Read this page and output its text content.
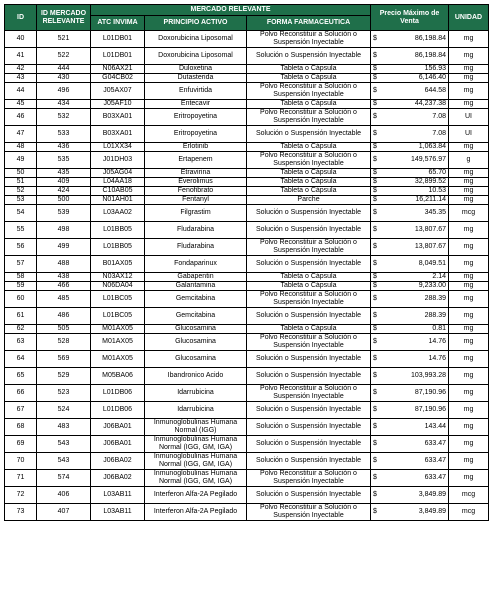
ID	ID MERCADO RELEVANTE	MERCADO RELEVANTE			Precio Máximo de Venta	UNIDAD
		ATC INVIMA	PRINCIPIO ACTIVO	FORMA FARMACEUTICA		
40	521	L01DB01	Doxorubicina Liposomal	Polvo Reconstituir a Solución o Suspensión Inyectable	$ 86,198.84	mg
41	522	L01DB01	Doxorubicina Liposomal	Solución o Suspensión Inyectable	$ 86,198.84	mg
42	444	N06AX21	Duloxetina	Tableta o Cápsula	$ 156.93	mg
43	430	G04CB02	Dutasterida	Tableta o Cápsula	$ 6,146.40	mg
44	496	J05AX07	Enfuvirtida	Polvo Reconstituir a Solución o Suspensión Inyectable	$ 644.58	mg
45	434	J05AF10	Entecavir	Tableta o Cápsula	$ 44,237.38	mg
46	532	B03XA01	Eritropoyetina	Polvo Reconstituir a Solución o Suspensión Inyectable	$ 7.08	UI
47	533	B03XA01	Eritropoyetina	Solución o Suspensión Inyectable	$ 7.08	UI
48	436	L01XX34	Erlotinib	Tableta o Cápsula	$ 1,063.84	mg
49	535	J01DH03	Ertapenem	Polvo Reconstituir a Solución o Suspensión Inyectable	$ 149,576.97	g
50	435	J05AG04	Etravirina	Tableta o Cápsula	$ 65.70	mg
51	409	L04AA18	Everolimus	Tableta o Cápsula	$ 32,899.52	mg
52	424	C10AB05	Fenofibrato	Tableta o Cápsula	$ 10.53	mg
53	500	N01AH01	Fentanyl	Parche	$ 16,211.14	mg
54	539	L03AA02	Filgrastim	Solución o Suspensión Inyectable	$ 345.35	mcg
55	498	L01BB05	Fludarabina	Solución o Suspensión Inyectable	$ 13,807.67	mg
56	499	L01BB05	Fludarabina	Polvo Reconstituir a Solución o Suspensión Inyectable	$ 13,807.67	mg
57	488	B01AX05	Fondaparinux	Solución o Suspensión Inyectable	$ 8,049.51	mg
58	438	N03AX12	Gabapentin	Tableta o Cápsula	$ 2.14	mg
59	466	N06DA04	Galantamina	Tableta o Cápsula	$ 9,233.00	mg
60	485	L01BC05	Gemcitabina	Polvo Reconstituir a Solución o Suspensión Inyectable	$ 288.39	mg
61	486	L01BC05	Gemcitabina	Solución o Suspensión Inyectable	$ 288.39	mg
62	505	M01AX05	Glucosamina	Tableta o Cápsula	$ 0.81	mg
63	528	M01AX05	Glucosamina	Polvo Reconstituir a Solución o Suspensión Inyectable	$ 14.76	mg
64	569	M01AX05	Glucosamina	Solución o Suspensión Inyectable	$ 14.76	mg
65	529	M05BA06	Ibandronico Acido	Solución o Suspensión Inyectable	$ 103,993.28	mg
66	523	L01DB06	Idarrubicina	Polvo Reconstituir a Solución o Suspensión Inyectable	$ 87,190.96	mg
67	524	L01DB06	Idarrubicina	Solución o Suspensión Inyectable	$ 87,190.96	mg
68	483	J06BA01	Inmunoglobulinas Humana Normal (IGG)	Solución o Suspensión Inyectable	$ 143.44	mg
69	543	J06BA01	Inmunoglobulinas Humana Normal (IGG, GM, IGA)	Solución o Suspensión Inyectable	$ 633.47	mg
70	543	J06BA02	Inmunoglobulinas Humana Normal (IGG, GM, IGA)	Solución o Suspensión Inyectable	$ 633.47	mg
71	574	J06BA02	Inmunoglobulinas Humana Normal (IGG, GM, IGA)	Polvo Reconstituir a Solución o Suspensión Inyectable	$ 633.47	mg
72	406	L03AB11	Interferon Alfa-2A Pegilado	Solución o Suspensión Inyectable	$ 3,849.89	mcg
73	407	L03AB11	Interferon Alfa-2A Pegilado	Polvo Reconstituir a Solución o Suspensión Inyectable	$ 3,849.89	mcg
